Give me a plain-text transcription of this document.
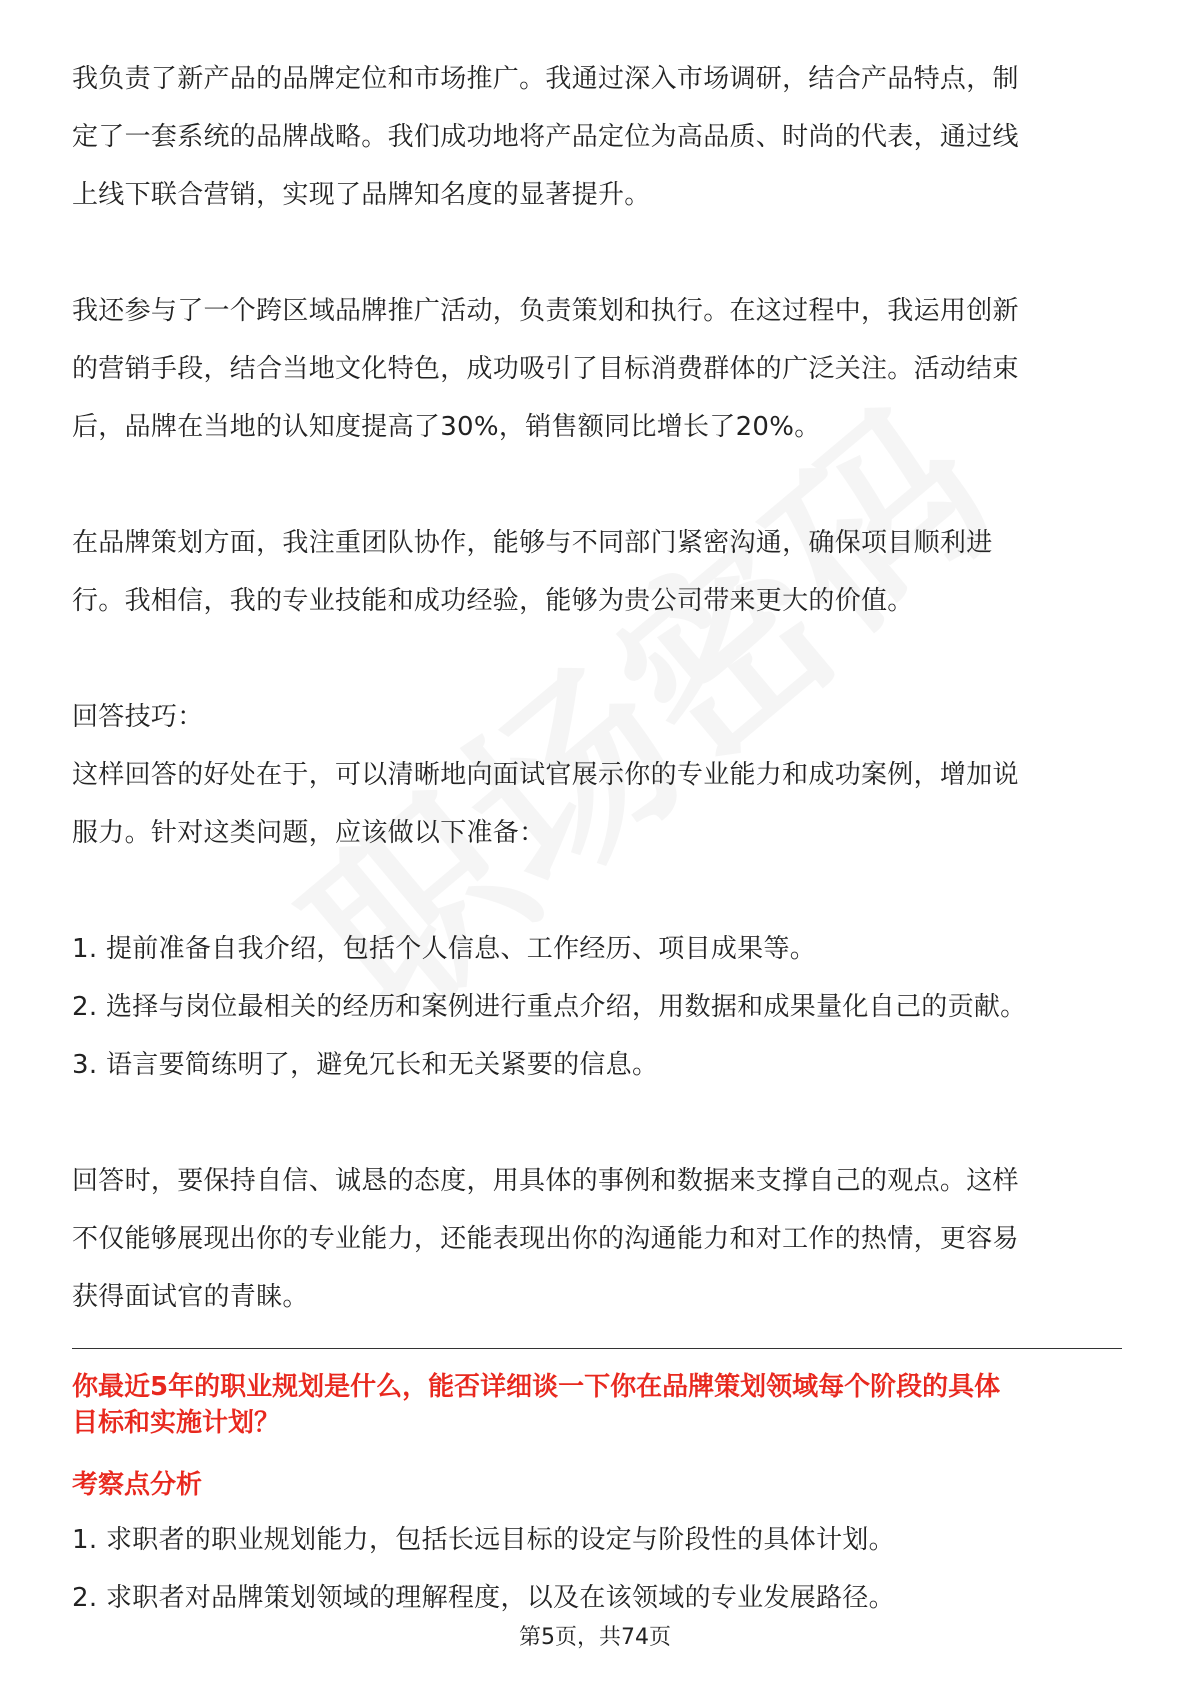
我负责了新产品的品牌定位和市场推广。我通过深入市场调研，结合产品特点，制

定了一套系统的品牌战略。我们成功地将产品定位为高品质、时尚的代表，通过线

上线下联合营销，实现了品牌知名度的显著提升。

我还参与了一个跨区域品牌推广活动，负责策划和执行。在这过程中，我运用创新

的营销手段，结合当地文化特色，成功吸引了目标消费群体的广泛关注。活动结束

后，品牌在当地的认知度提高了30%，销售额同比增长了20%。

在品牌策划方面，我注重团队协作，能够与不同部门紧密沟通，确保项目顺利进

行。我相信，我的专业技能和成功经验，能够为贵公司带来更大的价值。

回答技巧：

这样回答的好处在于，可以清晰地向面试官展示你的专业能力和成功案例，增加说

服力。针对这类问题，应该做以下准备：

1. 提前准备自我介绍，包括个人信息、工作经历、项目成果等。

2. 选择与岗位最相关的经历和案例进行重点介绍，用数据和成果量化自己的贡献。

3. 语言要简练明了，避免冗长和无关紧要的信息。

回答时，要保持自信、诚恳的态度，用具体的事例和数据来支撑自己的观点。这样

不仅能够展现出你的专业能力，还能表现出你的沟通能力和对工作的热情，更容易

获得面试官的青睐。

你最近5年的职业规划是什么，能否详细谈一下你在品牌策划领域每个阶段的具体

目标和实施计划？

考察点分析

1. 求职者的职业规划能力，包括长远目标的设定与阶段性的具体计划。

2. 求职者对品牌策划领域的理解程度，以及在该领域的专业发展路径。

第5页，共74页
